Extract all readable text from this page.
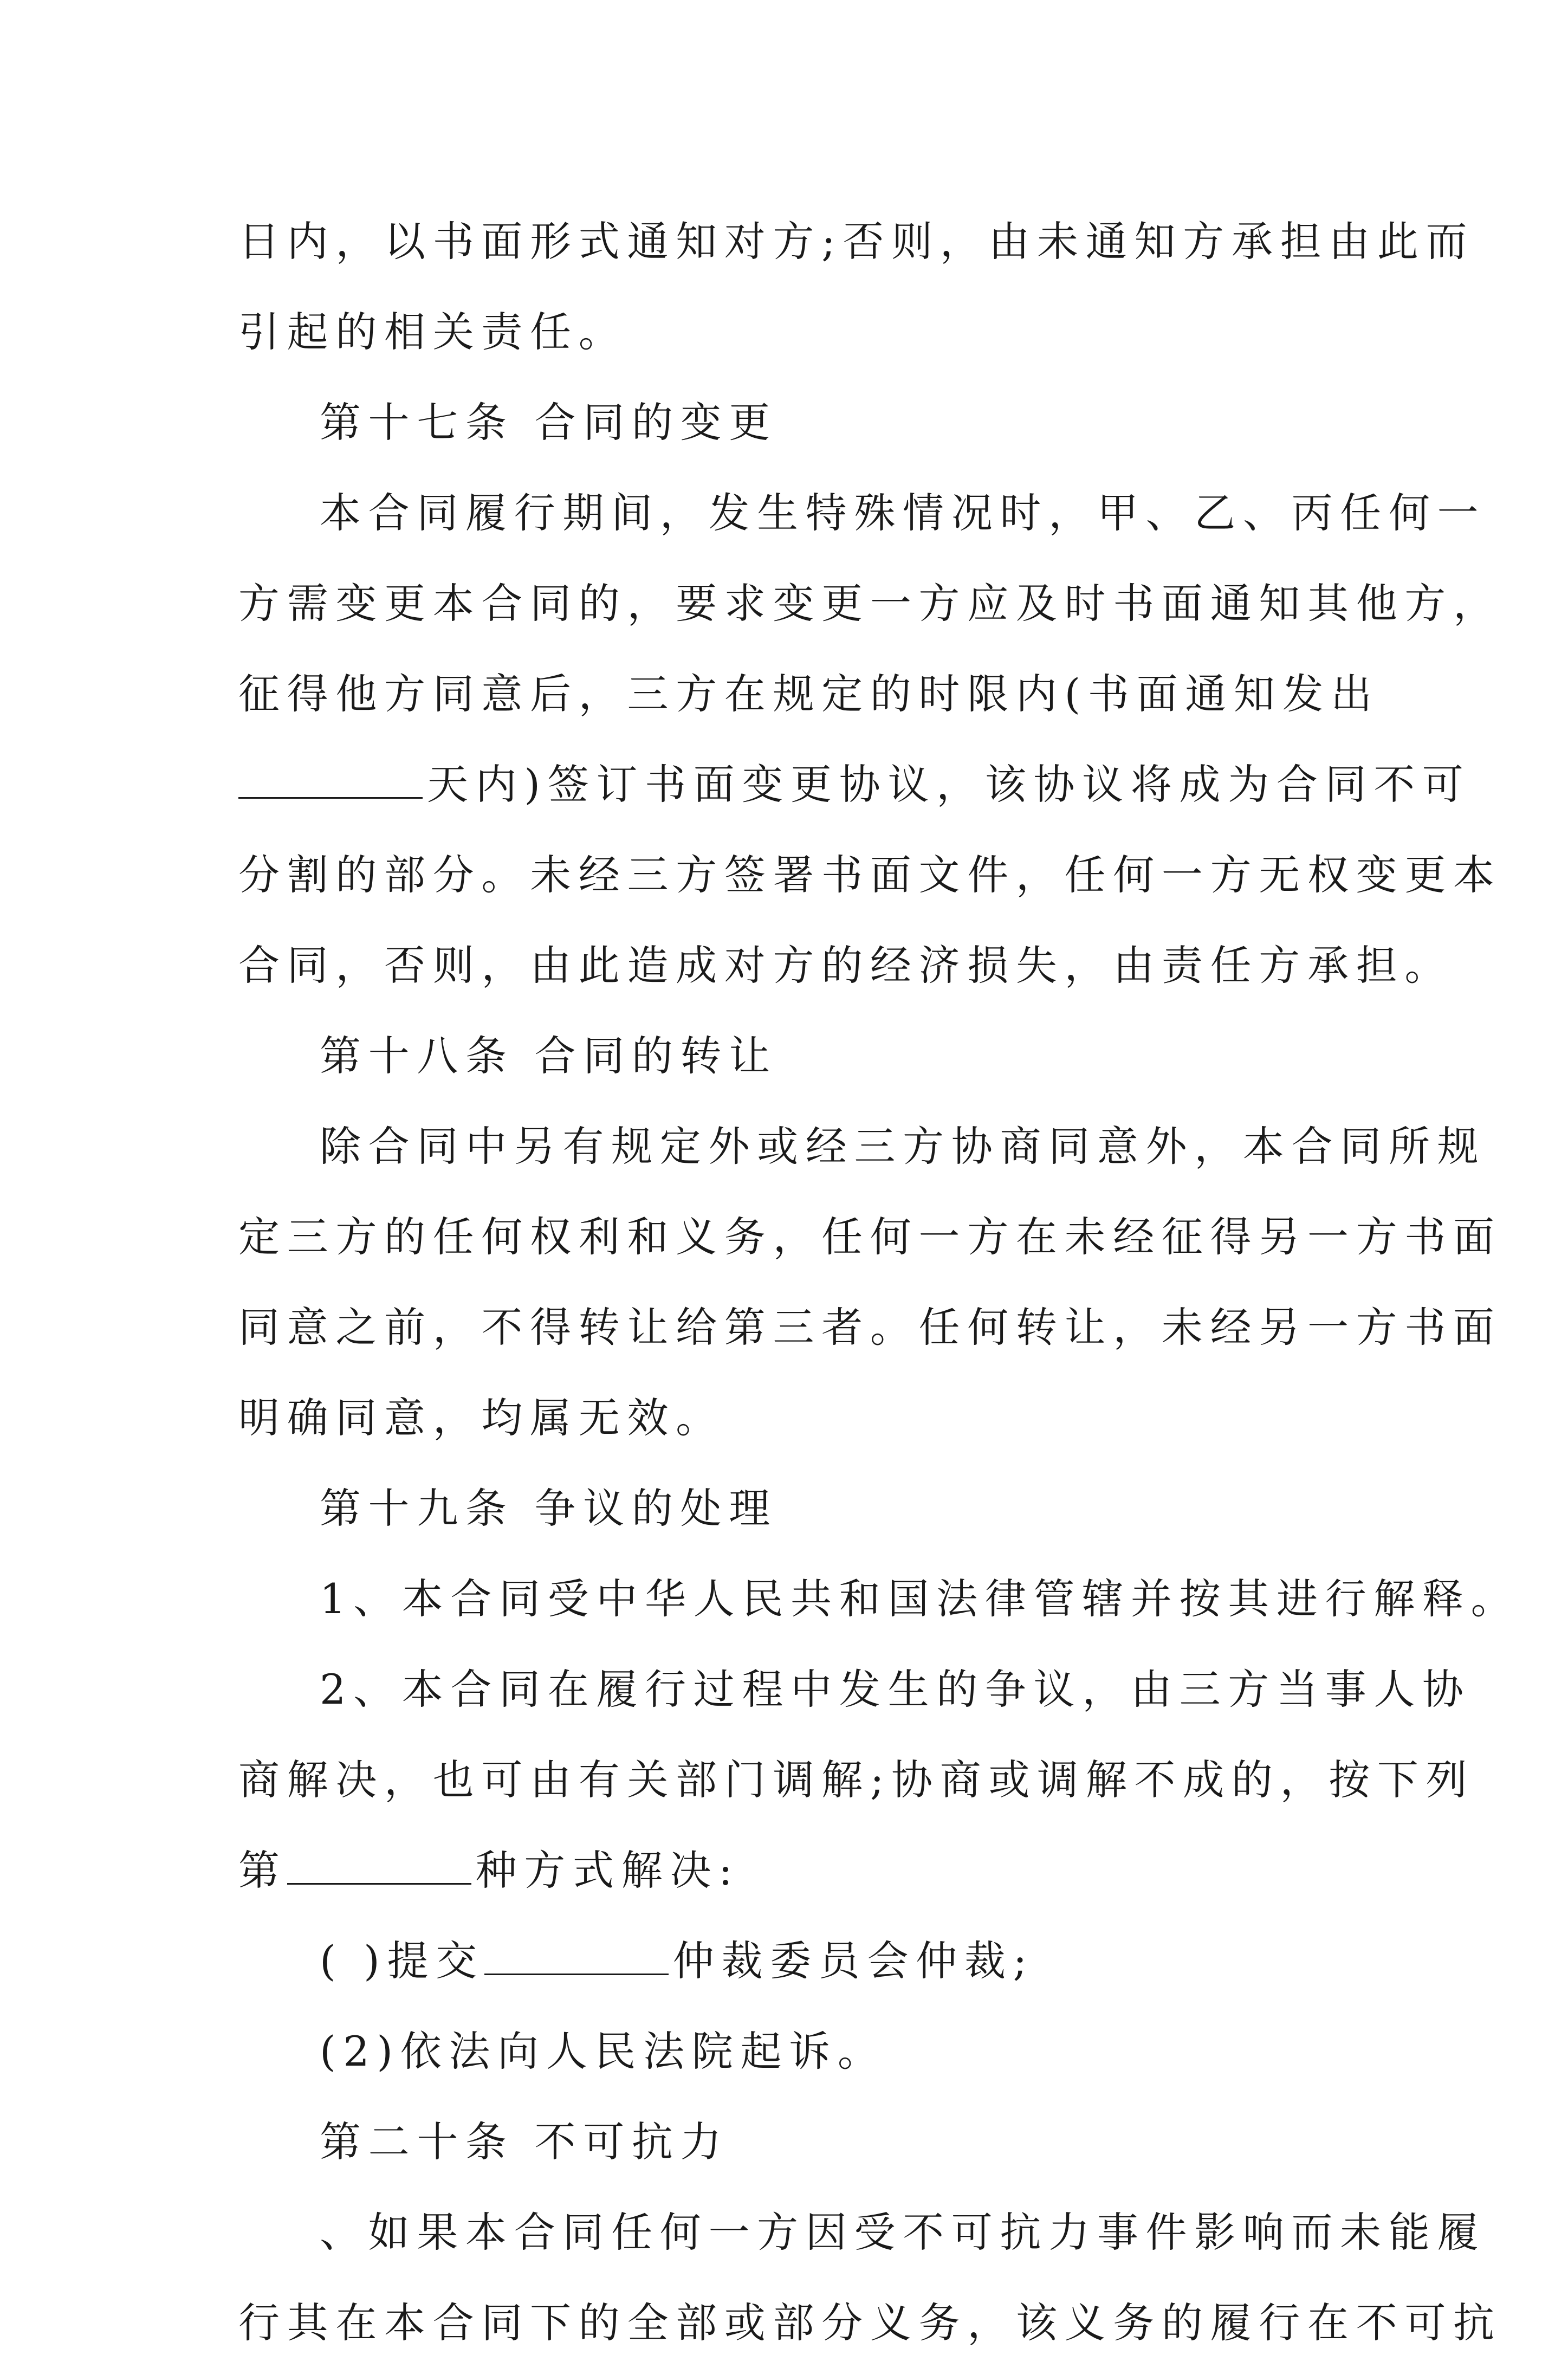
日内，以书面形式通知对方;否则，由未通知方承担由此而
引起的相关责任。
第十七条 合同的变更
本合同履行期间，发生特殊情况时，甲、乙、丙任何一
方需变更本合同的，要求变更一方应及时书面通知其他方，
征得他方同意后，三方在规定的时限内(书面通知发出
天内)签订书面变更协议，该协议将成为合同不可
分割的部分。未经三方签署书面文件，任何一方无权变更本
合同，否则，由此造成对方的经济损失，由责任方承担。
第十八条 合同的转让
除合同中另有规定外或经三方协商同意外，本合同所规
定三方的任何权利和义务，任何一方在未经征得另一方书面
同意之前，不得转让给第三者。任何转让，未经另一方书面
明确同意，均属无效。
第十九条 争议的处理
1、本合同受中华人民共和国法律管辖并按其进行解释。
2、本合同在履行过程中发生的争议，由三方当事人协
商解决，也可由有关部门调解;协商或调解不成的，按下列
第	种方式解决:
( )提交	仲裁委员会仲裁;
(2)依法向人民法院起诉。
第二十条 不可抗力
、如果本合同任何一方因受不可抗力事件影响而未能履
行其在本合同下的全部或部分义务，该义务的履行在不可抗
